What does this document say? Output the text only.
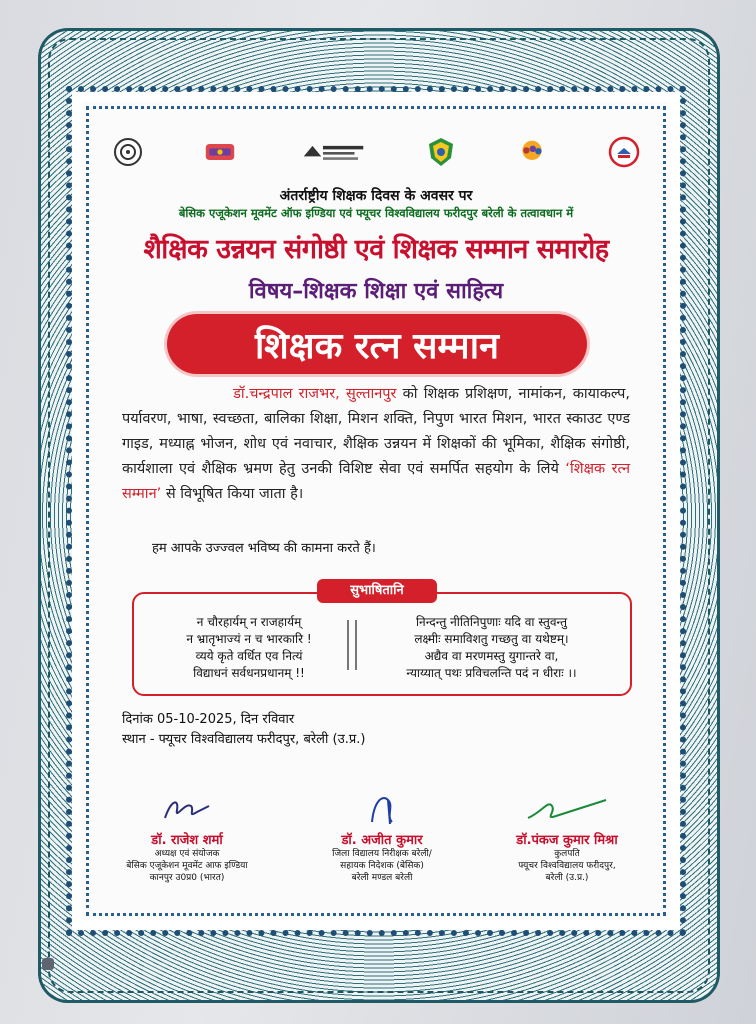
अंतर्राष्ट्रीय शिक्षक दिवस के अवसर पर
बेसिक एजूकेशन मूवमेंट ऑफ इण्डिया एवं फ्यूचर विश्वविद्यालय फरीदपुर बरेली के तत्वावधान में
शैक्षिक उन्नयन संगोष्ठी एवं शिक्षक सम्मान समारोह
विषय–शिक्षक शिक्षा एवं साहित्य
शिक्षक रत्न सम्मान
डॉ.चन्द्रपाल राजभर, सुल्तानपुर को शिक्षक प्रशिक्षण, नामांकन, कायाकल्प, पर्यावरण, भाषा, स्वच्छता, बालिका शिक्षा, मिशन शक्ति, निपुण भारत मिशन, भारत स्काउट एण्ड गाइड, मध्याह्न भोजन, शोध एवं नवाचार, शैक्षिक उन्नयन में शिक्षकों की भूमिका, शैक्षिक संगोष्ठी, कार्यशाला एवं शैक्षिक भ्रमण हेतु उनकी विशिष्ट सेवा एवं समर्पित सहयोग के लिये ‘शिक्षक रत्न सम्मान’ से विभूषित किया जाता है।
हम आपके उज्ज्वल भविष्य की कामना करते हैं।
सुभाषितानि
न चौरहार्यम् न राजहार्यम्
न भ्रातृभाज्यं न च भारकारि !
व्यये कृते वर्धित एव नित्यं
विद्याधनं सर्वधनप्रधानम् !!
निन्दन्तु नीतिनिपुणाः यदि वा स्तुवन्तु
लक्ष्मीः समाविशतु गच्छतु वा यथेष्टम्।
अद्यैव वा मरणमस्तु युगान्तरे वा,
न्याय्यात् पथः प्रविचलन्ति पदं न धीराः ।।
दिनांक 05-10-2025, दिन रविवार
स्थान - फ्यूचर विश्वविद्यालय फरीदपुर, बरेली (उ.प्र.)
डॉ. राजेश शर्मा
अध्यक्ष एवं संयोजक
बेसिक एजूकेशन मूवमेंट आफ इण्डिया
कानपुर उ0प्र0 (भारत)
डॉ. अजीत कुमार
जिला विद्यालय निरीक्षक बरेली/
सहायक निदेशक (बेसिक)
बरेली मण्डल बरेली
डॉ.पंकज कुमार मिश्रा
कुलपति
फ्यूचर विश्वविद्यालय फरीदपुर,
बरेली (उ.प्र.)
